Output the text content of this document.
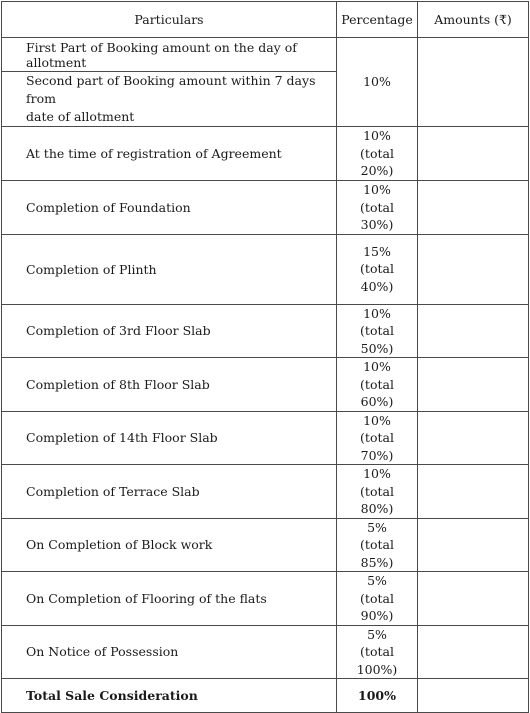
Particulars	Percentage	Amounts (₹)
First Part of Booking amount on the day of allotment	10%	
Second part of Booking amount within 7 days from
date of allotment		
At the time of registration of Agreement	10%
(total
20%)	

Completion of Foundation	10%
(total
30%)	

Completion of Plinth	15%
(total
40%)	

Completion of 3rd Floor Slab	10%
(total
50%)	

Completion of 8th Floor Slab	10%
(total
60%)	

Completion of 14th Floor Slab	10%
(total
70%)	

Completion of Terrace Slab	10%
(total
80%)	

On Completion of Block work	5%
(total
85%)	

On Completion of Flooring of the flats	5%
(total
90%)	

On Notice of Possession	5%
(total
100%)	

Total Sale Consideration	100%	
